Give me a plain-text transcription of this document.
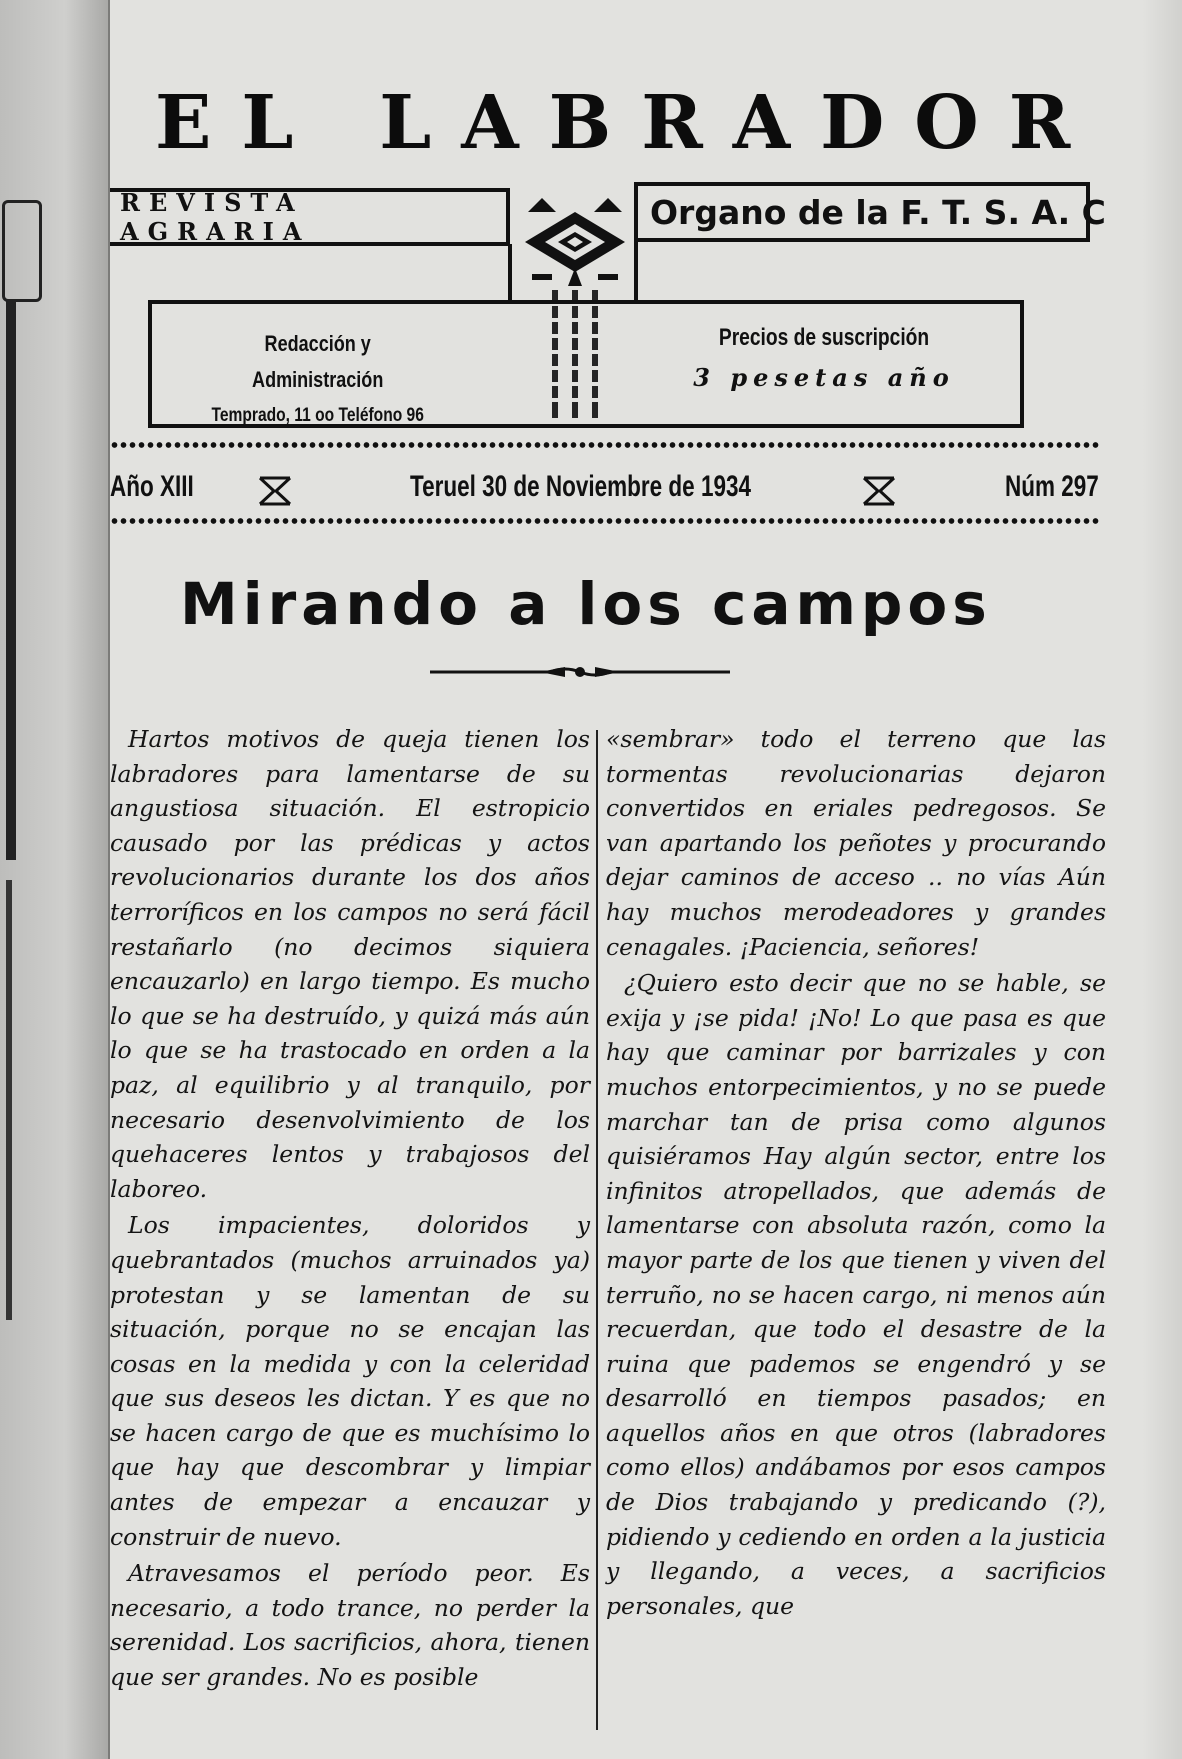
EL LABRADOR
REVISTA AGRARIA	Organo de la F. T. S. A. C
Redacción y Administración
Temprado, 11 oo Teléfono 96
Precios de suscripción
3 pesetas año
Año XIII	Teruel 30 de Noviembre de 1934	Núm 297
Mirando a los campos

Hartos motivos de queja tienen los labradores para lamentarse de su angustiosa situación. El estropicio causado por las prédicas y actos revolucionarios durante los dos años terroríficos en los campos no será fácil restañarlo (no decimos siquiera encauzarlo) en largo tiempo. Es mucho lo que se ha destruído, y quizá más aún lo que se ha trastocado en orden a la paz, al equilibrio y al tranquilo, por necesario desenvolvimiento de los quehaceres lentos y trabajosos del laboreo.

Los impacientes, doloridos y quebrantados (muchos arruinados ya) protestan y se lamentan de su situación, porque no se encajan las cosas en la medida y con la celeridad que sus deseos les dictan. Y es que no se hacen cargo de que es muchísimo lo que hay que descombrar y limpiar antes de empezar a encauzar y construir de nuevo.

Atravesamos el período peor. Es necesario, a todo trance, no perder la serenidad. Los sacrificios, ahora, tienen que ser grandes. No es posible

«sembrar» todo el terreno que las tormentas revolucionarias dejaron convertidos en eriales pedregosos. Se van apartando los peñotes y procurando dejar caminos de acceso .. no vías Aún hay muchos merodeadores y grandes cenagales. ¡Paciencia, señores!

¿Quiero esto decir que no se hable, se exija y ¡se pida! ¡No! Lo que pasa es que hay que caminar por barrizales y con muchos entorpecimientos, y no se puede marchar tan de prisa como algunos quisiéramos Hay algún sector, entre los infinitos atropellados, que además de lamentarse con absoluta razón, como la mayor parte de los que tienen y viven del terruño, no se hacen cargo, ni menos aún recuerdan, que todo el desastre de la ruina que pademos se engendró y se desarrolló en tiempos pasados; en aquellos años en que otros (labradores como ellos) andábamos por esos campos de Dios trabajando y predicando (?), pidiendo y cediendo en orden a la justicia y llegando, a veces, a sacrificios personales, que
